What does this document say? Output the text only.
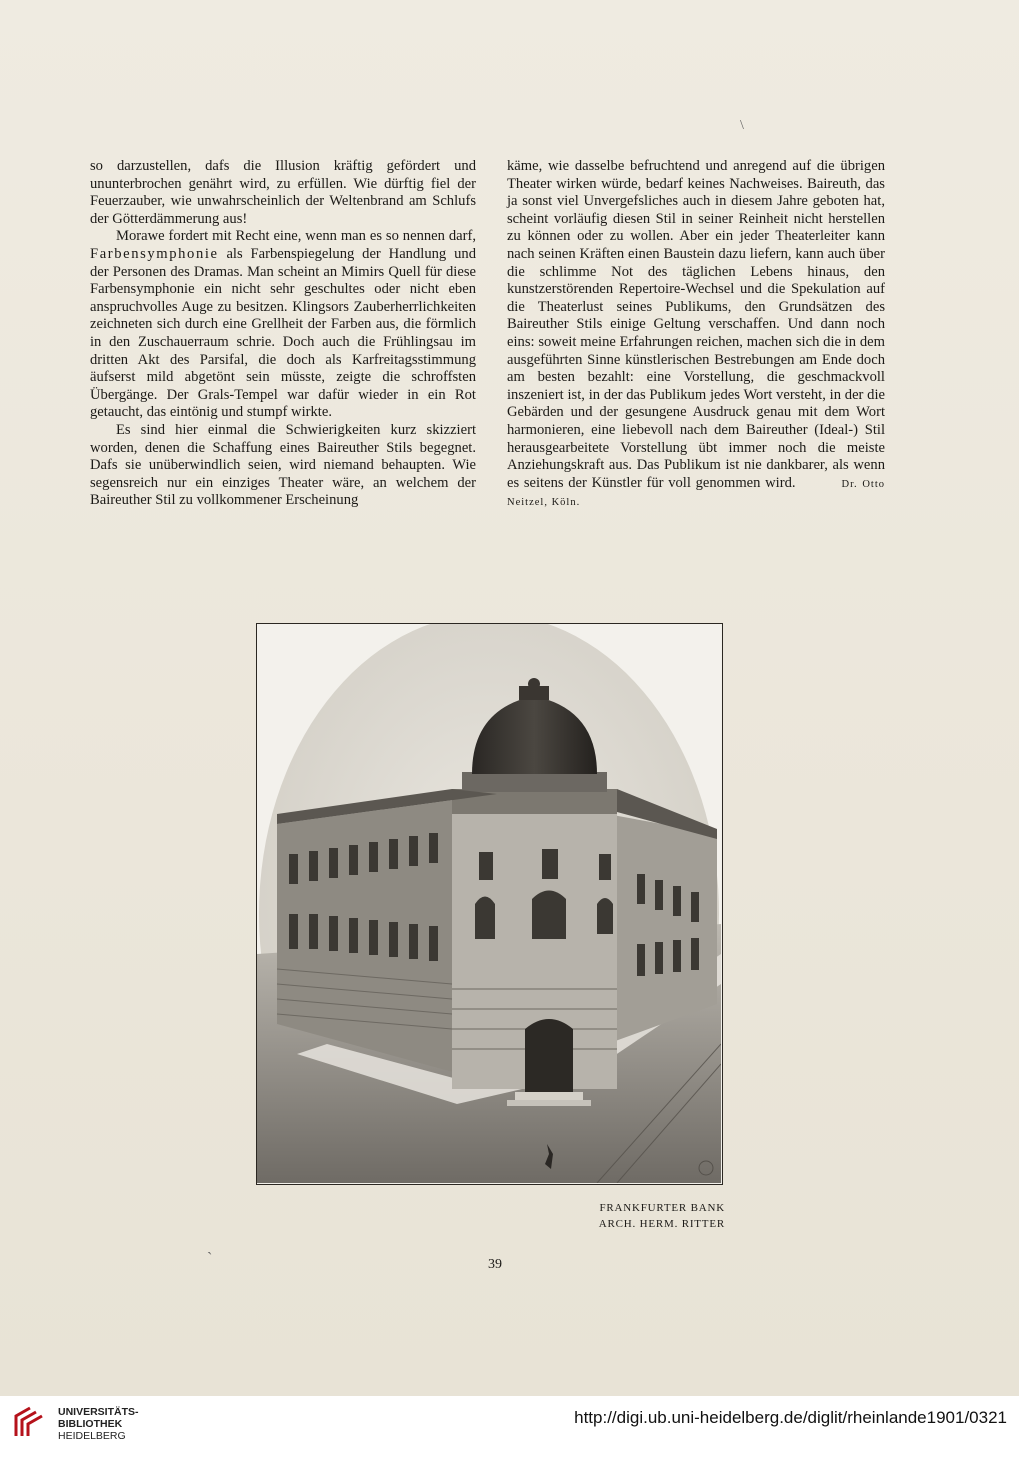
\

so darzustellen, dafs die Illusion kräftig gefördert und ununterbrochen genährt wird, zu erfüllen. Wie dürftig fiel der Feuerzauber, wie unwahrscheinlich der Weltenbrand am Schlufs der Götterdämmerung aus!

Morawe fordert mit Recht eine, wenn man es so nennen darf, Farbensymphonie als Farbenspiegelung der Handlung und der Personen des Dramas. Man scheint an Mimirs Quell für diese Farbensymphonie ein nicht sehr geschultes oder nicht eben anspruchvolles Auge zu besitzen. Klingsors Zauberherrlichkeiten zeichneten sich durch eine Grellheit der Farben aus, die förmlich in den Zuschauerraum schrie. Doch auch die Frühlingsau im dritten Akt des Parsifal, die doch als Karfreitagsstimmung äufserst mild abgetönt sein müsste, zeigte die schroffsten Übergänge. Der Grals-Tempel war dafür wieder in ein Rot getaucht, das eintönig und stumpf wirkte.

Es sind hier einmal die Schwierigkeiten kurz skizziert worden, denen die Schaffung eines Baireuther Stils begegnet. Dafs sie unüberwindlich seien, wird niemand behaupten. Wie segensreich nur ein einziges Theater wäre, an welchem der Baireuther Stil zu vollkommener Erscheinung

käme, wie dasselbe befruchtend und anregend auf die übrigen Theater wirken würde, bedarf keines Nachweises. Baireuth, das ja sonst viel Unvergefsliches auch in diesem Jahre geboten hat, scheint vorläufig diesen Stil in seiner Reinheit nicht herstellen zu können oder zu wollen. Aber ein jeder Theaterleiter kann nach seinen Kräften einen Baustein dazu liefern, kann auch über die schlimme Not des täglichen Lebens hinaus, den kunstzerstörenden Repertoire-Wechsel und die Spekulation auf die Theaterlust seines Publikums, den Grundsätzen des Baireuther Stils einige Geltung verschaffen. Und dann noch eins: soweit meine Erfahrungen reichen, machen sich die in dem ausgeführten Sinne künstlerischen Bestrebungen am Ende doch am besten bezahlt: eine Vorstellung, die geschmackvoll inszeniert ist, in der das Publikum jedes Wort versteht, in der die Gebärden und der gesungene Ausdruck genau mit dem Wort harmonieren, eine liebevoll nach dem Baireuther (Ideal-) Stil herausgearbeitete Vorstellung übt immer noch die meiste Anziehungskraft aus. Das Publikum ist nie dankbarer, als wenn es seitens der Künstler für voll genommen wird.	Dr. Otto Neitzel, Köln.

FRANKFURTER BANK
ARCH. HERM. RITTER
ˏ
39
UNIVERSITÄTS-
BIBLIOTHEK
HEIDELBERG
http://digi.ub.uni-heidelberg.de/diglit/rheinlande1901/0321
